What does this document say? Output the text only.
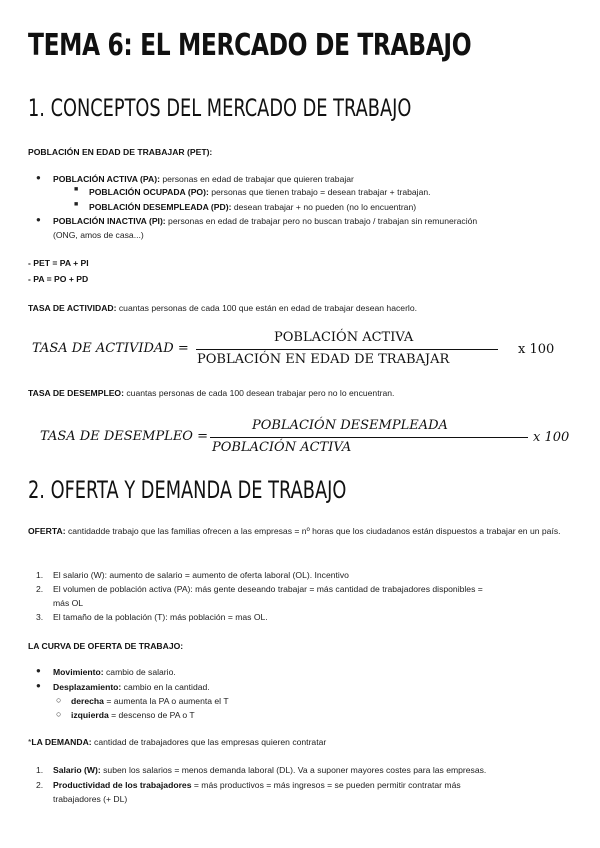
TEMA 6: EL MERCADO DE TRABAJO
1. CONCEPTOS DEL MERCADO DE TRABAJO
POBLACIÓN EN EDAD DE TRABAJAR (PET):
● POBLACIÓN ACTIVA (PA): personas en edad de trabajar que quieren trabajar
■ POBLACIÓN OCUPADA (PO): personas que tienen trabajo = desean trabajar + trabajan.
■ POBLACIÓN DESEMPLEADA (PD): desean trabajar + no pueden (no lo encuentran)
● POBLACIÓN INACTIVA (PI): personas en edad de trabajar pero no buscan trabajo / trabajan sin remuneración
(ONG, amos de casa...)
- PET = PA + PI
- PA = PO + PD
TASA DE ACTIVIDAD: cuantas personas de cada 100 que están en edad de trabajar desean hacerlo.
TASA DE ACTIVIDAD =
POBLACIÓN ACTIVA
POBLACIÓN EN EDAD DE TRABAJAR
x 100
TASA DE DESEMPLEO: cuantas personas de cada 100 desean trabajar pero no lo encuentran.
TASA DE DESEMPLEO =
POBLACIÓN DESEMPLEADA
POBLACIÓN ACTIVA
x 100
2. OFERTA Y DEMANDA DE TRABAJO
OFERTA: cantidadde trabajo que las familias ofrecen a las empresas = nº horas que los ciudadanos están dispuestos a trabajar en un país.
1. El salario (W): aumento de salario = aumento de oferta laboral (OL). Incentivo
2. El volumen de población activa (PA): más gente deseando trabajar = más cantidad de trabajadores disponibles =
más OL
3. El tamaño de la población (T): más población = mas OL.
LA CURVA DE OFERTA DE TRABAJO:
● Movimiento: cambio de salario.
● Desplazamiento: cambio en la cantidad.
○ derecha = aumenta la PA o aumenta el T
○ izquierda = descenso de PA o T
*LA DEMANDA: cantidad de trabajadores que las empresas quieren contratar
1. Salario (W): suben los salarios = menos demanda laboral (DL). Va a suponer mayores costes para las empresas.
2. Productividad de los trabajadores = más productivos = más ingresos = se pueden permitir contratar más
trabajadores (+ DL)
